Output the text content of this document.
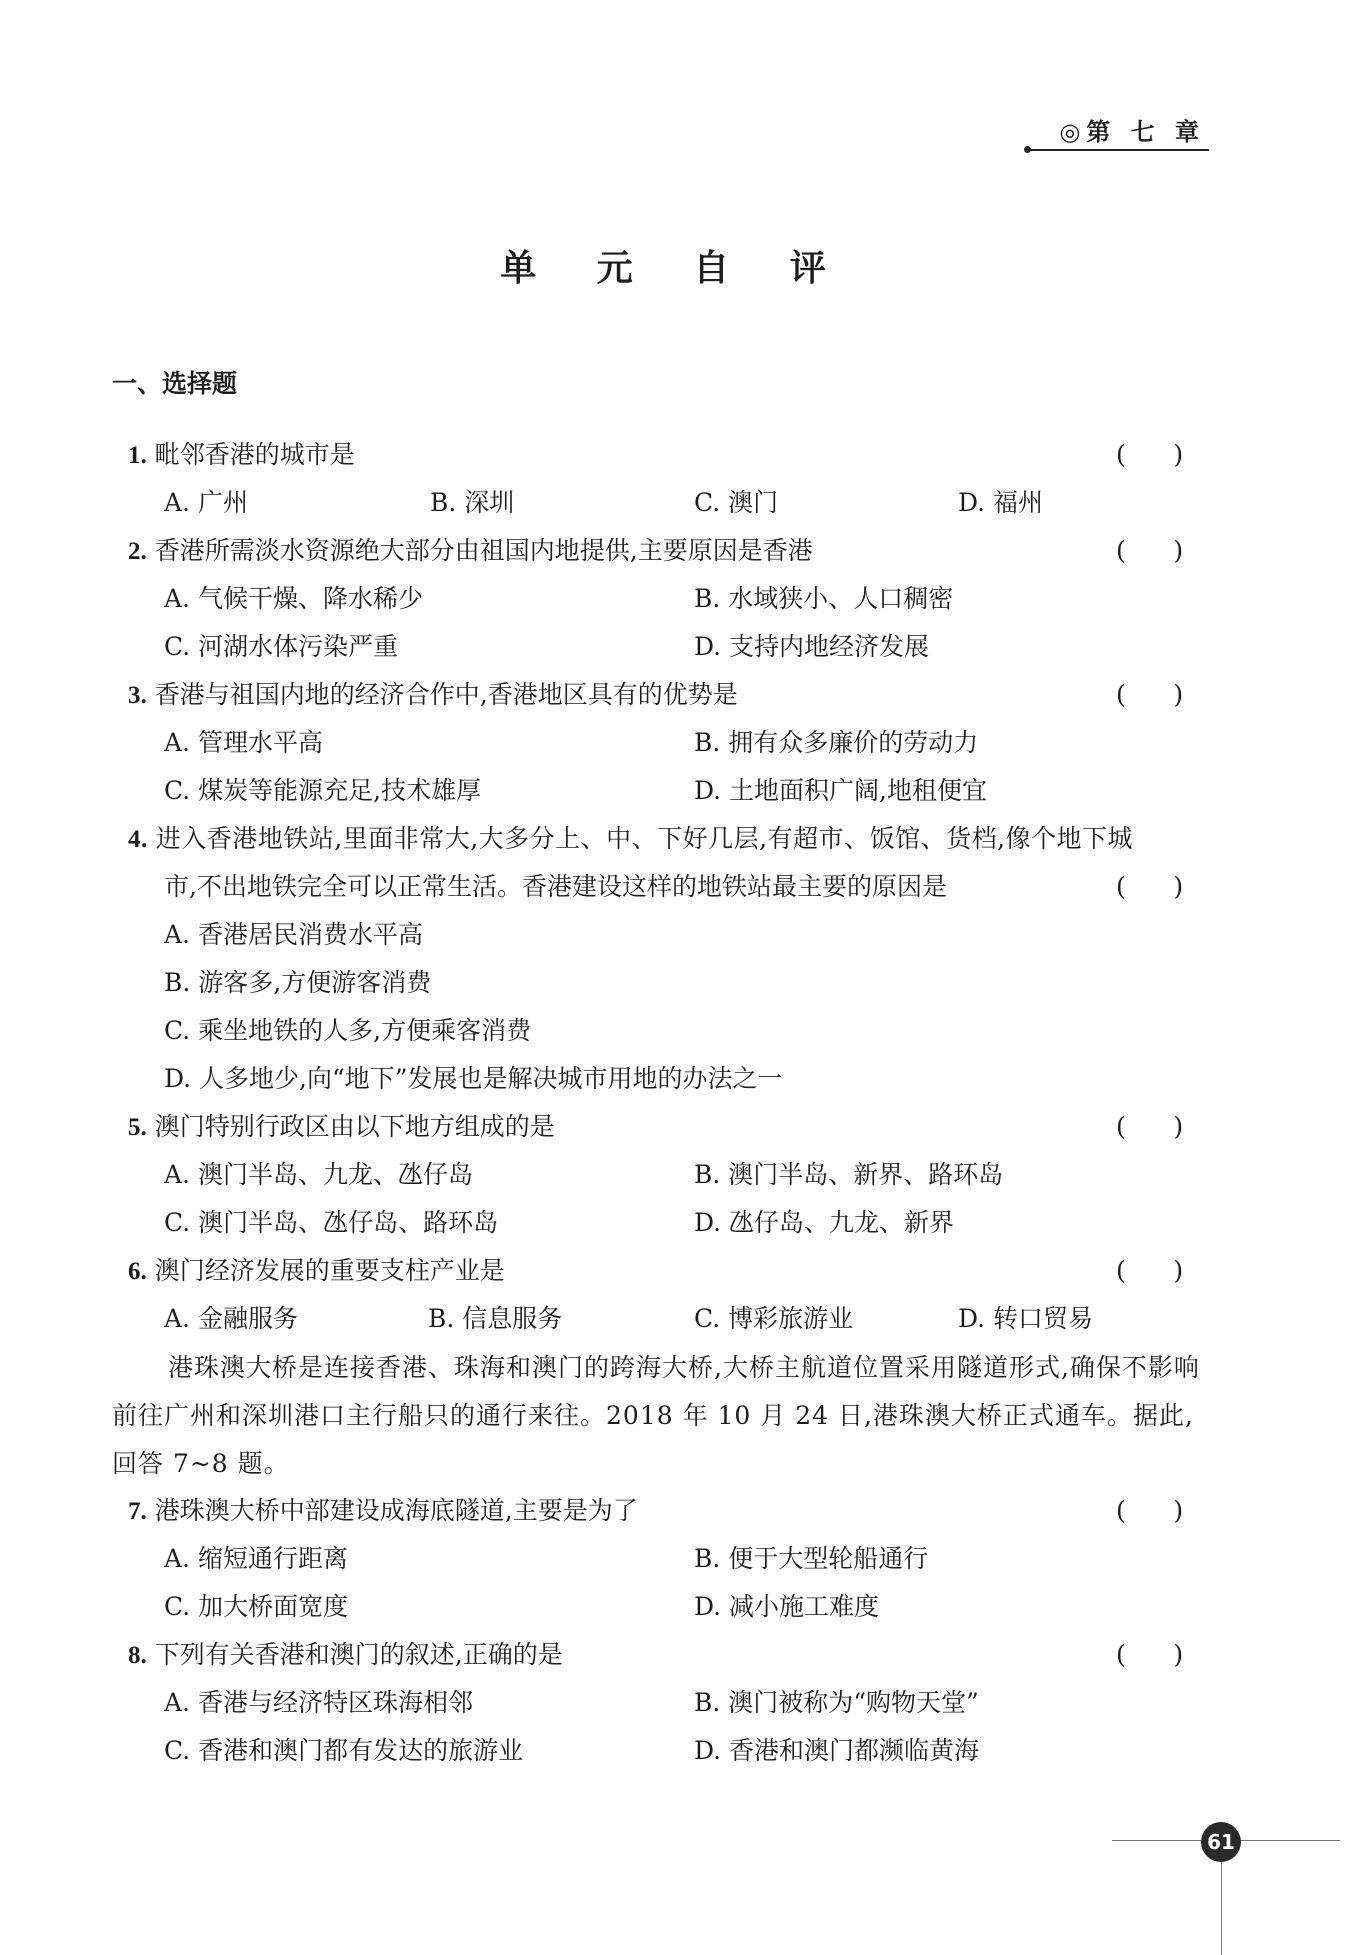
◎第 七 章
单 元 自 评
一、选择题
1. 毗邻香港的城市是	(      )
A. 广州	B. 深圳	C. 澳门	D. 福州
2. 香港所需淡水资源绝大部分由祖国内地提供,主要原因是香港	(      )
A. 气候干燥、降水稀少	B. 水域狭小、人口稠密
C. 河湖水体污染严重	D. 支持内地经济发展
3. 香港与祖国内地的经济合作中,香港地区具有的优势是	(      )
A. 管理水平高	B. 拥有众多廉价的劳动力
C. 煤炭等能源充足,技术雄厚	D. 土地面积广阔,地租便宜
4. 进入香港地铁站,里面非常大,大多分上、中、下好几层,有超市、饭馆、货档,像个地下城
市,不出地铁完全可以正常生活。香港建设这样的地铁站最主要的原因是	(      )
A. 香港居民消费水平高
B. 游客多,方便游客消费
C. 乘坐地铁的人多,方便乘客消费
D. 人多地少,向“地下”发展也是解决城市用地的办法之一
5. 澳门特别行政区由以下地方组成的是	(      )
A. 澳门半岛、九龙、氹仔岛	B. 澳门半岛、新界、路环岛
C. 澳门半岛、氹仔岛、路环岛	D. 氹仔岛、九龙、新界
6. 澳门经济发展的重要支柱产业是	(      )
A. 金融服务	B. 信息服务	C. 博彩旅游业	D. 转口贸易
港珠澳大桥是连接香港、珠海和澳门的跨海大桥,大桥主航道位置采用隧道形式,确保不影响前往广州和深圳港口主行船只的通行来往。2018 年 10 月 24 日,港珠澳大桥正式通车。据此,回答 7~8 题。
7. 港珠澳大桥中部建设成海底隧道,主要是为了	(      )
A. 缩短通行距离	B. 便于大型轮船通行
C. 加大桥面宽度	D. 减小施工难度
8. 下列有关香港和澳门的叙述,正确的是	(      )
A. 香港与经济特区珠海相邻	B. 澳门被称为“购物天堂”
C. 香港和澳门都有发达的旅游业	D. 香港和澳门都濒临黄海
61
